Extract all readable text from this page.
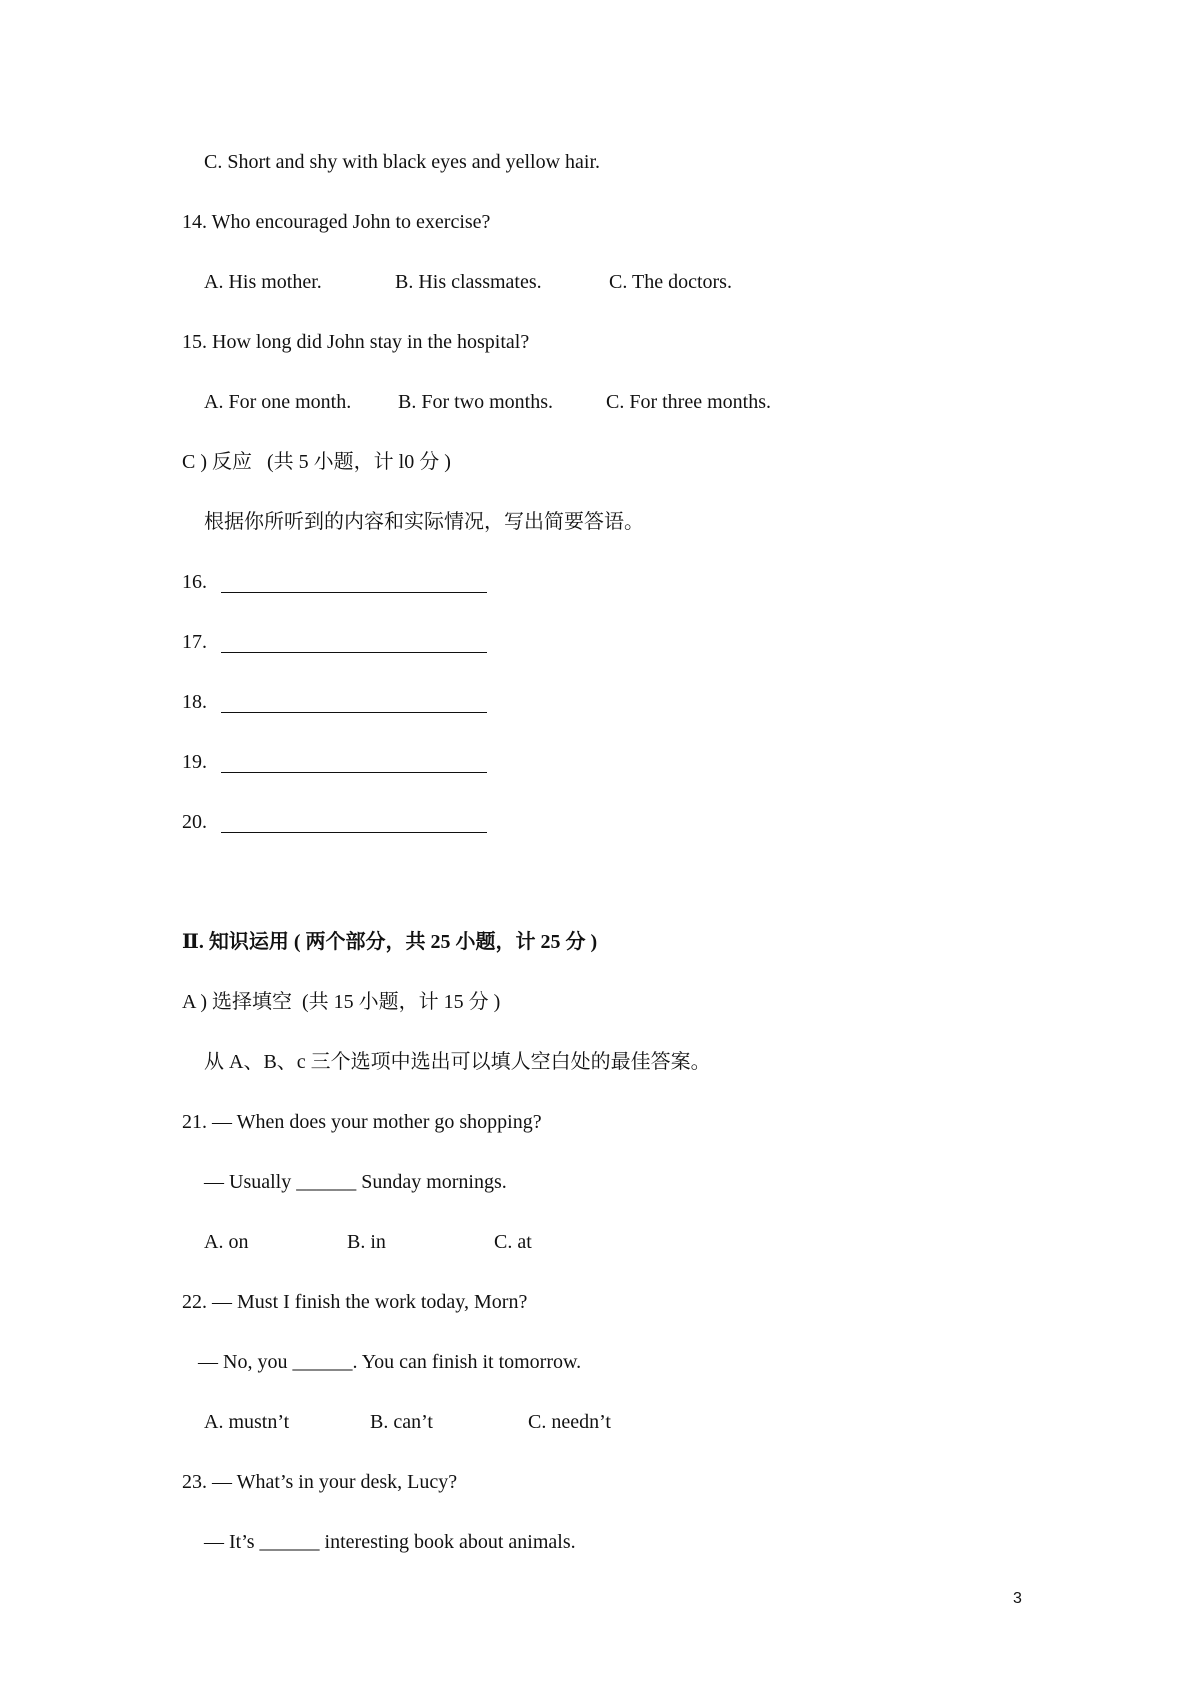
C. Short and shy with black eyes and yellow hair.
14. Who encouraged John to exercise?
A. His mother.	B. His classmates.	C. The doctors.
15. How long did John stay in the hospital?
A. For one month. B. For two months.	C. For three months.
C ) 反应   (共 5 小题，计 l0 分 )
根据你所听到的内容和实际情况，写出简要答语。
16.
17.
18.
19.
20.
Ⅱ. 知识运用 ( 两个部分，共 25 小题，计 25 分 )
A ) 选择填空  (共 15 小题，计 15 分 )
从 A、B、c 三个选项中选出可以填人空白处的最佳答案。
21. — When does your mother go shopping?
— Usually ______ Sunday mornings.
A. on	B. in	C. at
22. — Must I finish the work today, Morn?
— No, you ______. You can finish it tomorrow.
A. mustn’t	B. can’t	C. needn’t
23. — What’s in your desk, Lucy?
— It’s ______ interesting book about animals.
3
